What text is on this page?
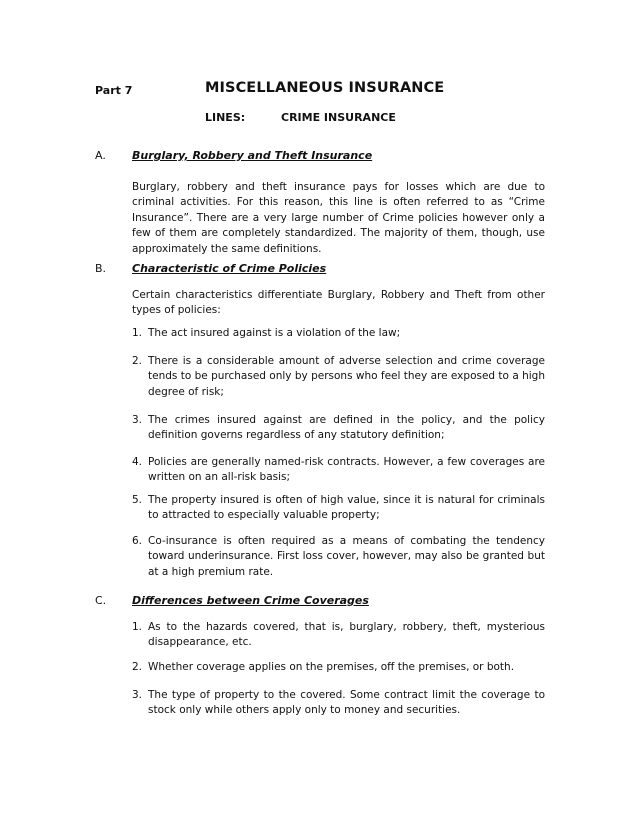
Part 7	MISCELLANEOUS INSURANCE
LINES:	CRIME INSURANCE
A. Burglary, Robbery and Theft Insurance
Burglary, robbery and theft insurance pays for losses which are due to criminal activities. For this reason, this line is often referred to as “Crime Insurance”. There are a very large number of Crime policies however only a few of them are completely standardized. The majority of them, though, use approximately the same definitions.
B. Characteristic of Crime Policies
Certain characteristics differentiate Burglary, Robbery and Theft from other types of policies:
1. The act insured against is a violation of the law;
2. There is a considerable amount of adverse selection and crime coverage tends to be purchased only by persons who feel they are exposed to a high degree of risk;
3. The crimes insured against are defined in the policy, and the policy definition governs regardless of any statutory definition;
4. Policies are generally named-risk contracts. However, a few coverages are written on an all-risk basis;
5. The property insured is often of high value, since it is natural for criminals to attracted to especially valuable property;
6. Co-insurance is often required as a means of combating the tendency toward underinsurance. First loss cover, however, may also be granted but at a high premium rate.
C. Differences between Crime Coverages
1. As to the hazards covered, that is, burglary, robbery, theft, mysterious disappearance, etc.
2. Whether coverage applies on the premises, off the premises, or both.
3. The type of property to the covered. Some contract limit the coverage to stock only while others apply only to money and securities.
